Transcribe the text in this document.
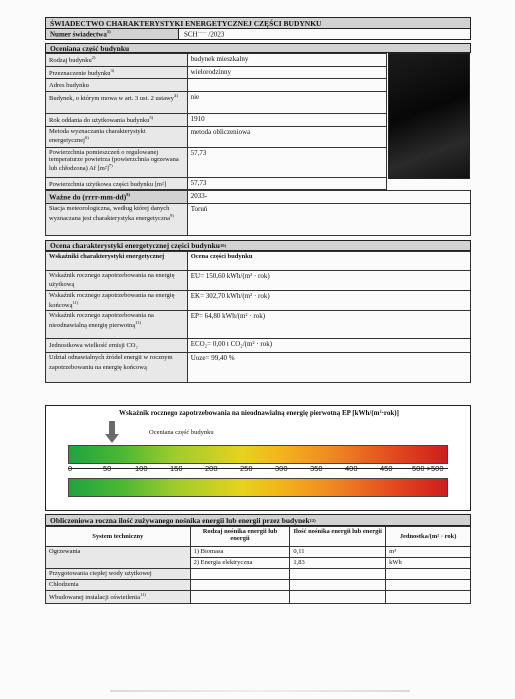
ŚWIADECTWO CHARAKTERYSTYKI ENERGETYCZNEJ CZĘŚCI BUDYNKU
Numer świadectwa$^{1)}$	SCH—— /2023
Oceniana część budynku
Rodzaj budynku$^{2)}$	budynek mieszkalny
Przeznaczenie budynku$^{3)}$	wielorodzinny
Adres budynku	
Budynek, o którym mowa w art. 3 ust. 2 ustawy$^{4)}$	nie
Rok oddania do użytkowania budynku$^{5)}$	1910
Metoda wyznaczania charakterystyki energetycznej$^{6)}$	metoda obliczeniowa
Powierzchnia pomieszczeń o regulowanej temperaturze powietrza (powierzchnia ogrzewana lub chłodzona) Af $[m^2]^{7)}$	57,73
Powierzchnia użytkowa części budynku [m²]	57,73
Ważne do (rrrr-mm-dd)$^{8)}$	2033-
Stacja meteorologiczna, według której danych wyznaczana jest charakterystyka energetyczna$^{9)}$	Toruń
Ocena charakterystyki energetycznej części budynku 10)
Wskaźniki charakterystyki energetycznej	Ocena części budynku
Wskaźnik rocznego zapotrzebowania na energię użytkową	EU= 150,60 kWh/(m² · rok)
Wskaźnik rocznego zapotrzebowania na energię końcową$^{11)}$	EK= 302,70 kWh/(m² · rok)
Wskaźnik rocznego zapotrzebowania na nieodnawialną energię pierwotną$^{11)}$	EP= 64,80 kWh/(m² · rok)
Jednostkowa wielkość emisji CO₂	ECO₂= 0,00 t CO₂/(m² · rok)
Udział odnawialnych źródeł energii w rocznym zapotrzebowaniu na energię końcową	Uoze= 99,40 %
Wskaźnik rocznego zapotrzebowania na nieodnawialną energię pierwotną EP [kWh/(m²·rok)]
Oceniana część budynku
0	50	100	150	200	250	300	350	400	450	500 >500
Obliczeniowa roczna ilość zużywanego nośnika energii lub energii przez budynek 12)
System techniczny	Rodzaj nośnika energii lub energii	Ilość nośnika energii lub energii	Jednostka/(m² · rok)
Ogrzewania	1) Biomasa	0,11	m³
	2) Energia elektryczna	1,83	kWh
Przygotowania ciepłej wody użytkowej			
Chłodzenia			
Wbudowanej instalacji oświetlenia$^{11)}$			
